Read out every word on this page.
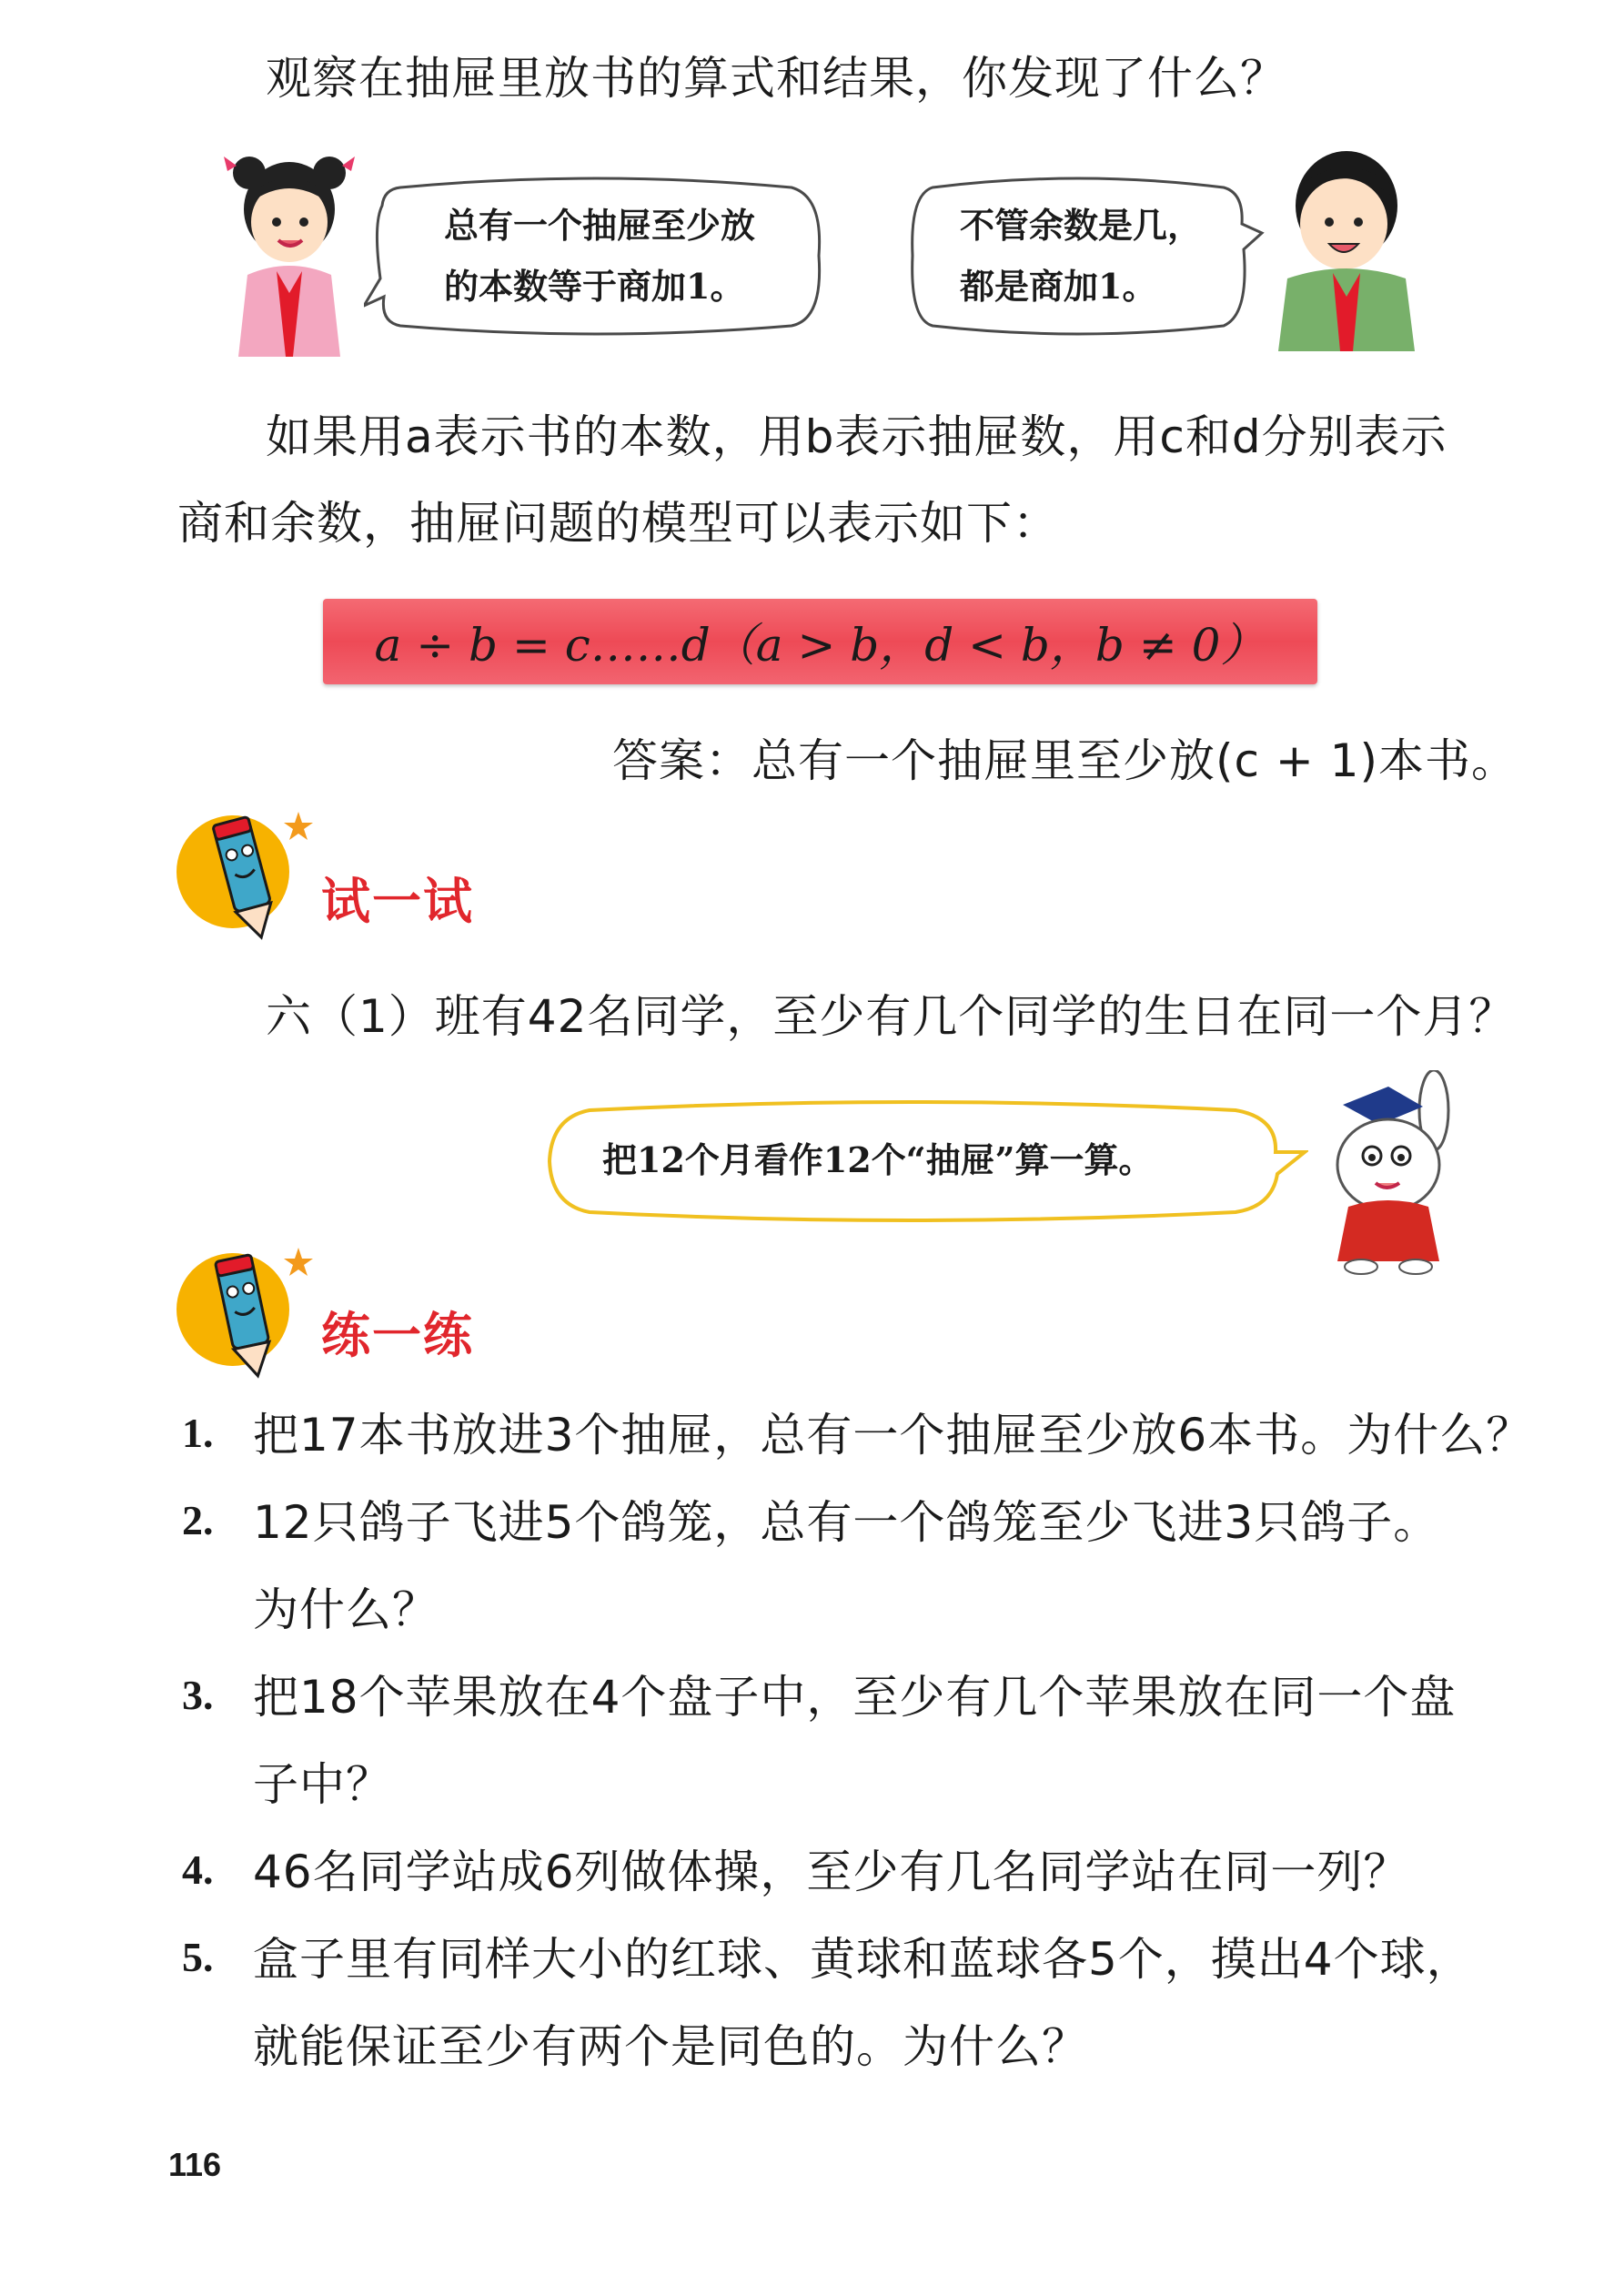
观察在抽屉里放书的算式和结果，你发现了什么？
总有一个抽屉至少放
的本数等于商加1。
不管余数是几，
都是商加1。
如果用a表示书的本数，用b表示抽屉数，用c和d分别表示
商和余数，抽屉问题的模型可以表示如下：
a ÷ b = c……d（a > b，d < b，b ≠ 0）
答案：总有一个抽屉里至少放(c + 1)本书。
试一试
六（1）班有42名同学，至少有几个同学的生日在同一个月？
把12个月看作12个“抽屉”算一算。
练一练
1. 把17本书放进3个抽屉，总有一个抽屉至少放6本书。为什么？
2. 12只鸽子飞进5个鸽笼，总有一个鸽笼至少飞进3只鸽子。
为什么？
3. 把18个苹果放在4个盘子中，至少有几个苹果放在同一个盘
子中？
4. 46名同学站成6列做体操，至少有几名同学站在同一列？
5. 盒子里有同样大小的红球、黄球和蓝球各5个，摸出4个球，
就能保证至少有两个是同色的。为什么？
116
